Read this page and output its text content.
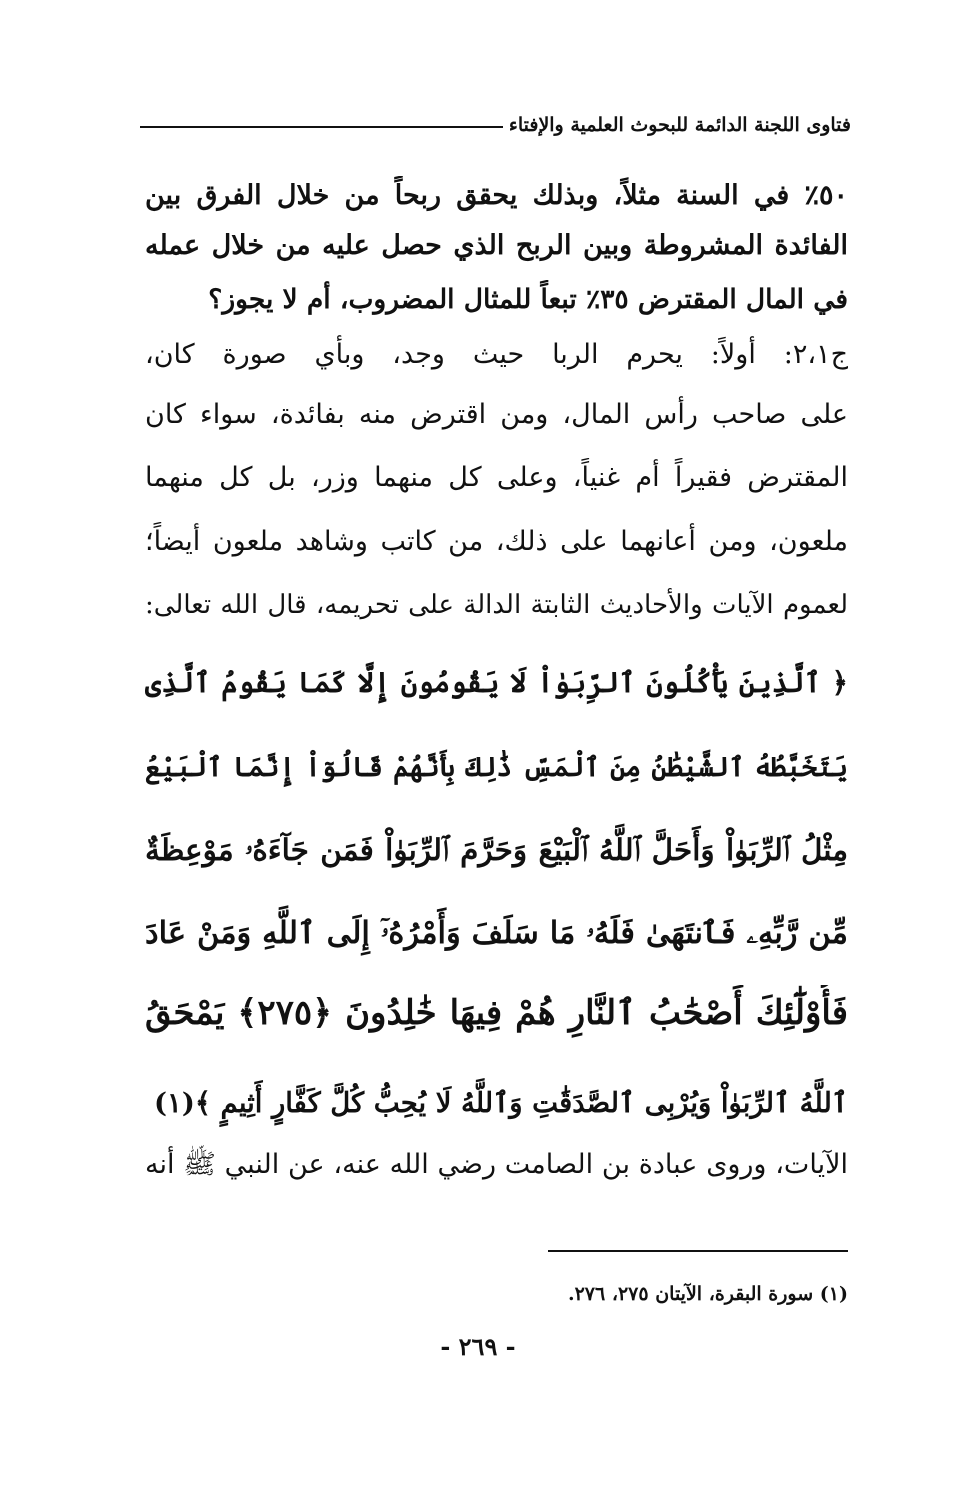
فتاوى اللجنة الدائمة للبحوث العلمية والإفتاء
٥٠٪ في السنة مثلاً، وبذلك يحقق ربحاً من خلال الفرق بين
الفائدة المشروطة وبين الربح الذي حصل عليه من خلال عمله
في المال المقترض ٣٥٪ تبعاً للمثال المضروب، أم لا يجوز؟
ج٢،١: أولاً: يحرم الربا حيث وجد، وبأي صورة كان،
على صاحب رأس المال، ومن اقترض منه بفائدة، سواء كان
المقترض فقيراً أم غنياً، وعلى كل منهما وزر، بل كل منهما
ملعون، ومن أعانهما على ذلك، من كاتب وشاهد ملعون أيضاً؛
لعموم الآيات والأحاديث الثابتة الدالة على تحريمه، قال الله تعالى:
﴿ ٱلَّذِينَ يَأْكُلُونَ ٱلرِّبَوٰاْ لَا يَقُومُونَ إِلَّا كَمَا يَقُومُ ٱلَّذِى
يَتَخَبَّطُهُ ٱلشَّيْطَٰنُ مِنَ ٱلْمَسِّ ذَٰلِكَ بِأَنَّهُمْ قَالُوٓاْ إِنَّمَا ٱلْبَيْعُ
مِثْلُ ٱلرِّبَوٰاْ وَأَحَلَّ ٱللَّهُ ٱلْبَيْعَ وَحَرَّمَ ٱلرِّبَوٰاْ فَمَن جَآءَهُۥ مَوْعِظَةٌ
مِّن رَّبِّهِۦ فَٱنتَهَىٰ فَلَهُۥ مَا سَلَفَ وَأَمْرُهُۥٓ إِلَى ٱللَّهِ وَمَنْ عَادَ
فَأُوْلَٰٓئِكَ أَصْحَٰبُ ٱلنَّارِ هُمْ فِيهَا خَٰلِدُونَ ﴿٢٧٥﴾ يَمْحَقُ
ٱللَّهُ ٱلرِّبَوٰاْ وَيُرْبِى ٱلصَّدَقَٰتِ وَٱللَّهُ لَا يُحِبُّ كُلَّ كَفَّارٍ أَثِيمٍ ﴾(١)
الآيات، وروى عبادة بن الصامت رضي الله عنه، عن النبي ﷺ أنه
(١) سورة البقرة، الآيتان ٢٧٥، ٢٧٦.
- ٢٦٩ -
